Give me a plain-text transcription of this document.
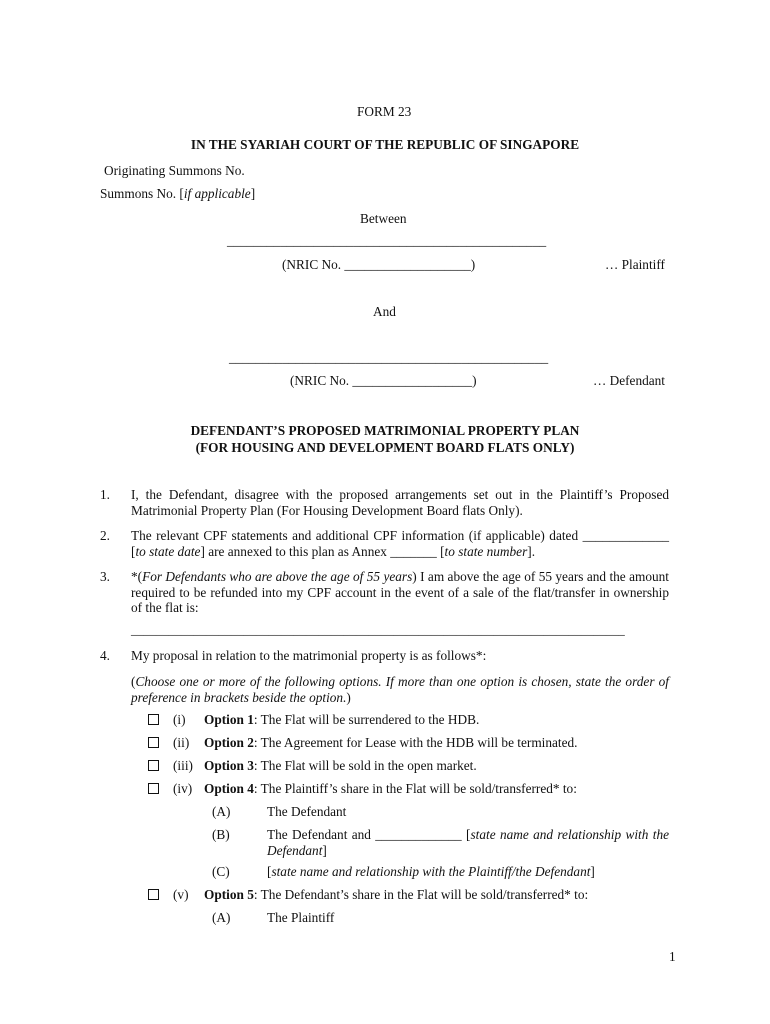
FORM 23
IN THE SYARIAH COURT OF THE REPUBLIC OF SINGAPORE
Originating Summons No.
Summons No. [if applicable]
Between
________________________________________________
(NRIC No. ___________________)	… Plaintiff
And
________________________________________________
(NRIC No. __________________)	… Defendant
DEFENDANT’S PROPOSED MATRIMONIAL PROPERTY PLAN
(FOR HOUSING AND DEVELOPMENT BOARD FLATS ONLY)
1. I, the Defendant, disagree with the proposed arrangements set out in the Plaintiff’s Proposed Matrimonial Property Plan (For Housing Development Board flats Only).
2. The relevant CPF statements and additional CPF information (if applicable) dated _____________ [to state date] are annexed to this plan as Annex _______ [to state number].
3. *(For Defendants who are above the age of 55 years) I am above the age of 55 years and the amount required to be refunded into my CPF account in the event of a sale of the flat/transfer in ownership of the flat is:
_______________________________________________________________________________
4. My proposal in relation to the matrimonial property is as follows*:
(Choose one or more of the following options. If more than one option is chosen, state the order of preference in brackets beside the option.)
(i) Option 1: The Flat will be surrendered to the HDB.
(ii) Option 2: The Agreement for Lease with the HDB will be terminated.
(iii) Option 3: The Flat will be sold in the open market.
(iv) Option 4: The Plaintiff’s share in the Flat will be sold/transferred* to:
(A)	The Defendant
(B)	The Defendant and _____________ [state name and relationship with the Defendant]
(C)	[state name and relationship with the Plaintiff/the Defendant]
(v) Option 5: The Defendant’s share in the Flat will be sold/transferred* to:
(A)	The Plaintiff
1
